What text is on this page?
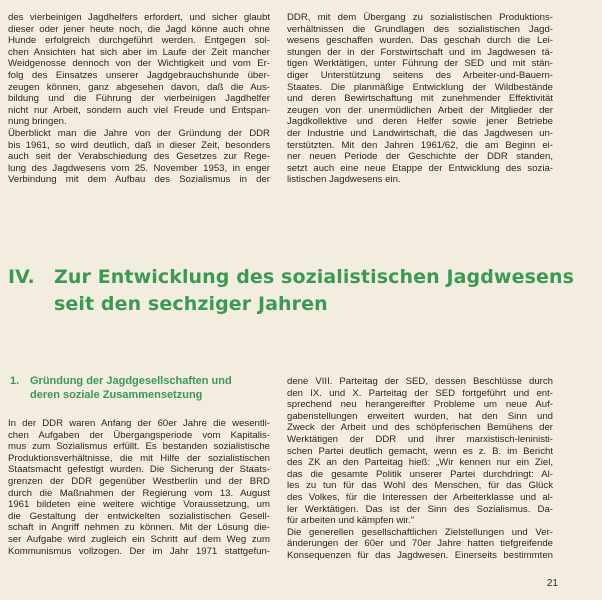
des vierbeinigen Jagdhelfers erfordert, und sicher glaubt
dieser oder jener heute noch, die Jagd könne auch ohne
Hunde erfolgreich durchgeführt werden. Entgegen sol-
chen Ansichten hat sich aber im Laufe der Zeit mancher
Weidgenosse dennoch von der Wichtigkeit und vom Er-
folg des Einsatzes unserer Jagdgebrauchshunde über-
zeugen können, ganz abgesehen davon, daß die Aus-
bildung und die Führung der vierbeinigen Jagdhelfer
nicht nur Arbeit, sondern auch viel Freude und Entspan-
nung bringen.
Überblickt man die Jahre von der Gründung der DDR
bis 1961, so wird deutlich, daß in dieser Zeit, besonders
auch seit der Verabschiedung des Gesetzes zur Rege-
lung des Jagdwesens vom 25. November 1953, in enger
Verbindung mit dem Aufbau des Sozialismus in der
DDR, mit dem Übergang zu sozialistischen Produktions-
verhältnissen die Grundlagen des sozialistischen Jagd-
wesens geschaffen wurden. Das geschah durch die Lei-
stungen der in der Forstwirtschaft und im Jagdwesen tä-
tigen Werktätigen, unter Führung der SED und mit stän-
diger Unterstützung seitens des Arbeiter-und-Bauern-
Staates. Die planmäßige Entwicklung der Wildbestände
und deren Bewirtschaftung mit zunehmender Effektivität
zeugen von der unermüdlichen Arbeit der Mitglieder der
Jagdkollektive und deren Helfer sowie jener Betriebe
der Industrie und Landwirtschaft, die das Jagdwesen un-
terstützten. Mit den Jahren 1961/62, die am Beginn ei-
ner neuen Periode der Geschichte der DDR standen,
setzt auch eine neue Etappe der Entwicklung des sozia-
listischen Jagdwesens ein.
IV. Zur Entwicklung des sozialistischen Jagdwesens
seit den sechziger Jahren
1. Gründung der Jagdgesellschaften und
deren soziale Zusammensetzung
In der DDR waren Anfang der 60er Jahre die wesentli-
chen Aufgaben der Übergangsperiode vom Kapitalis-
mus zum Sozialismus erfüllt. Es bestanden sozialistische
Produktionsverhältnisse, die mit Hilfe der sozialistischen
Staatsmacht gefestigt wurden. Die Sicherung der Staats-
grenzen der DDR gegenüber Westberlin und der BRD
durch die Maßnahmen der Regierung vom 13. August
1961 bildeten eine weitere wichtige Voraussetzung, um
die Gestaltung der entwickelten sozialistischen Gesell-
schaft in Angriff nehmen zu können. Mit der Lösung die-
ser Aufgabe wird zugleich ein Schritt auf dem Weg zum
Kommunismus vollzogen. Der im Jahr 1971 stattgefun-
dene VIII. Parteitag der SED, dessen Beschlüsse durch
den IX. und X. Parteitag der SED fortgeführt und ent-
sprechend neu herangereifter Probleme um neue Auf-
gabenstellungen erweitert wurden, hat den Sinn und
Zweck der Arbeit und des schöpferischen Bemühens der
Werktätigen der DDR und ihrer marxistisch-leninisti-
schen Partei deutlich gemacht, wenn es z. B. im Bericht
des ZK an den Parteitag hieß: „Wir kennen nur ein Ziel,
das die gesamte Politik unserer Partei durchdringt: Al-
les zu tun für das Wohl des Menschen, für das Glück
des Volkes, für die Interessen der Arbeiterklasse und al-
ler Werktätigen. Das ist der Sinn des Sozialismus. Da-
für arbeiten und kämpfen wir."
Die generellen gesellschaftlichen Zielstellungen und Ver-
änderungen der 60er und 70er Jahre hatten tiefgreifende
Konsequenzen für das Jagdwesen. Einerseits bestimmten
21
